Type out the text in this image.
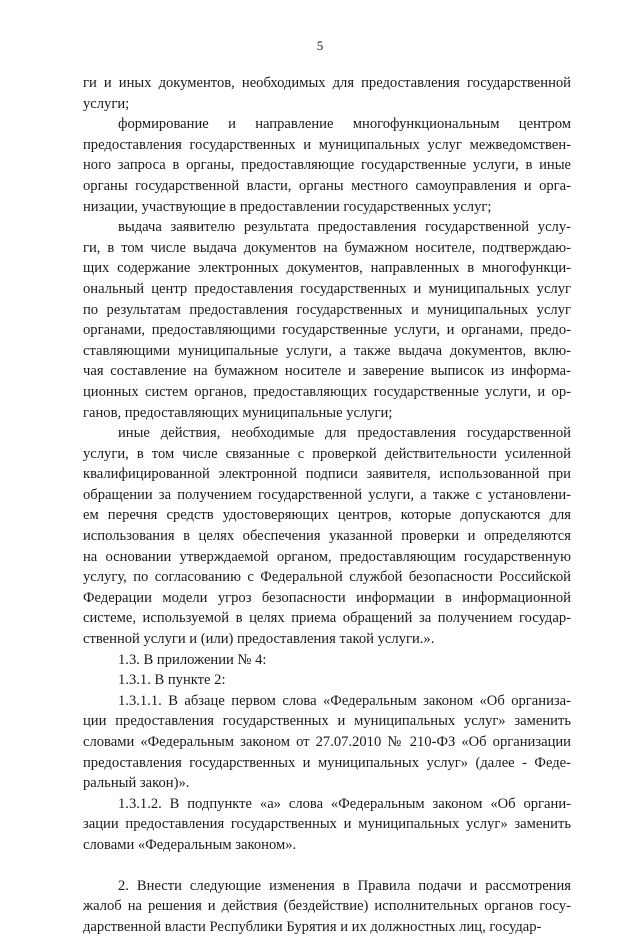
5
ги и иных документов, необходимых для предоставления государственной
услуги;
формирование и направление многофункциональным центром
предоставления государственных и муниципальных услуг межведомствен-
ного запроса в органы, предоставляющие государственные услуги, в иные
органы государственной власти, органы местного самоуправления и орга-
низации, участвующие в предоставлении государственных услуг;
выдача заявителю результата предоставления государственной услу-
ги, в том числе выдача документов на бумажном носителе, подтверждаю-
щих содержание электронных документов, направленных в многофункци-
ональный центр предоставления государственных и муниципальных услуг
по результатам предоставления государственных и муниципальных услуг
органами, предоставляющими государственные услуги, и органами, предо-
ставляющими муниципальные услуги, а также выдача документов, вклю-
чая составление на бумажном носителе и заверение выписок из информа-
ционных систем органов, предоставляющих государственные услуги, и ор-
ганов, предоставляющих муниципальные услуги;
иные действия, необходимые для предоставления государственной
услуги, в том числе связанные с проверкой действительности усиленной
квалифицированной электронной подписи заявителя, использованной при
обращении за получением государственной услуги, а также с установлени-
ем перечня средств удостоверяющих центров, которые допускаются для
использования в целях обеспечения указанной проверки и определяются
на основании утверждаемой органом, предоставляющим государственную
услугу, по согласованию с Федеральной службой безопасности Российской
Федерации модели угроз безопасности информации в информационной
системе, используемой в целях приема обращений за получением государ-
ственной услуги и (или) предоставления такой услуги.».
1.3. В приложении № 4:
1.3.1. В пункте 2:
1.3.1.1. В абзаце первом слова «Федеральным законом «Об организа-
ции предоставления государственных и муниципальных услуг» заменить
словами «Федеральным законом от 27.07.2010 № 210-ФЗ «Об организации
предоставления государственных и муниципальных услуг» (далее - Феде-
ральный закон)».
1.3.1.2. В подпункте «а» слова «Федеральным законом «Об органи-
зации предоставления государственных и муниципальных услуг» заменить
словами «Федеральным законом».
2. Внести следующие изменения в Правила подачи и рассмотрения
жалоб на решения и действия (бездействие) исполнительных органов госу-
дарственной власти Республики Бурятия и их должностных лиц, государ-
